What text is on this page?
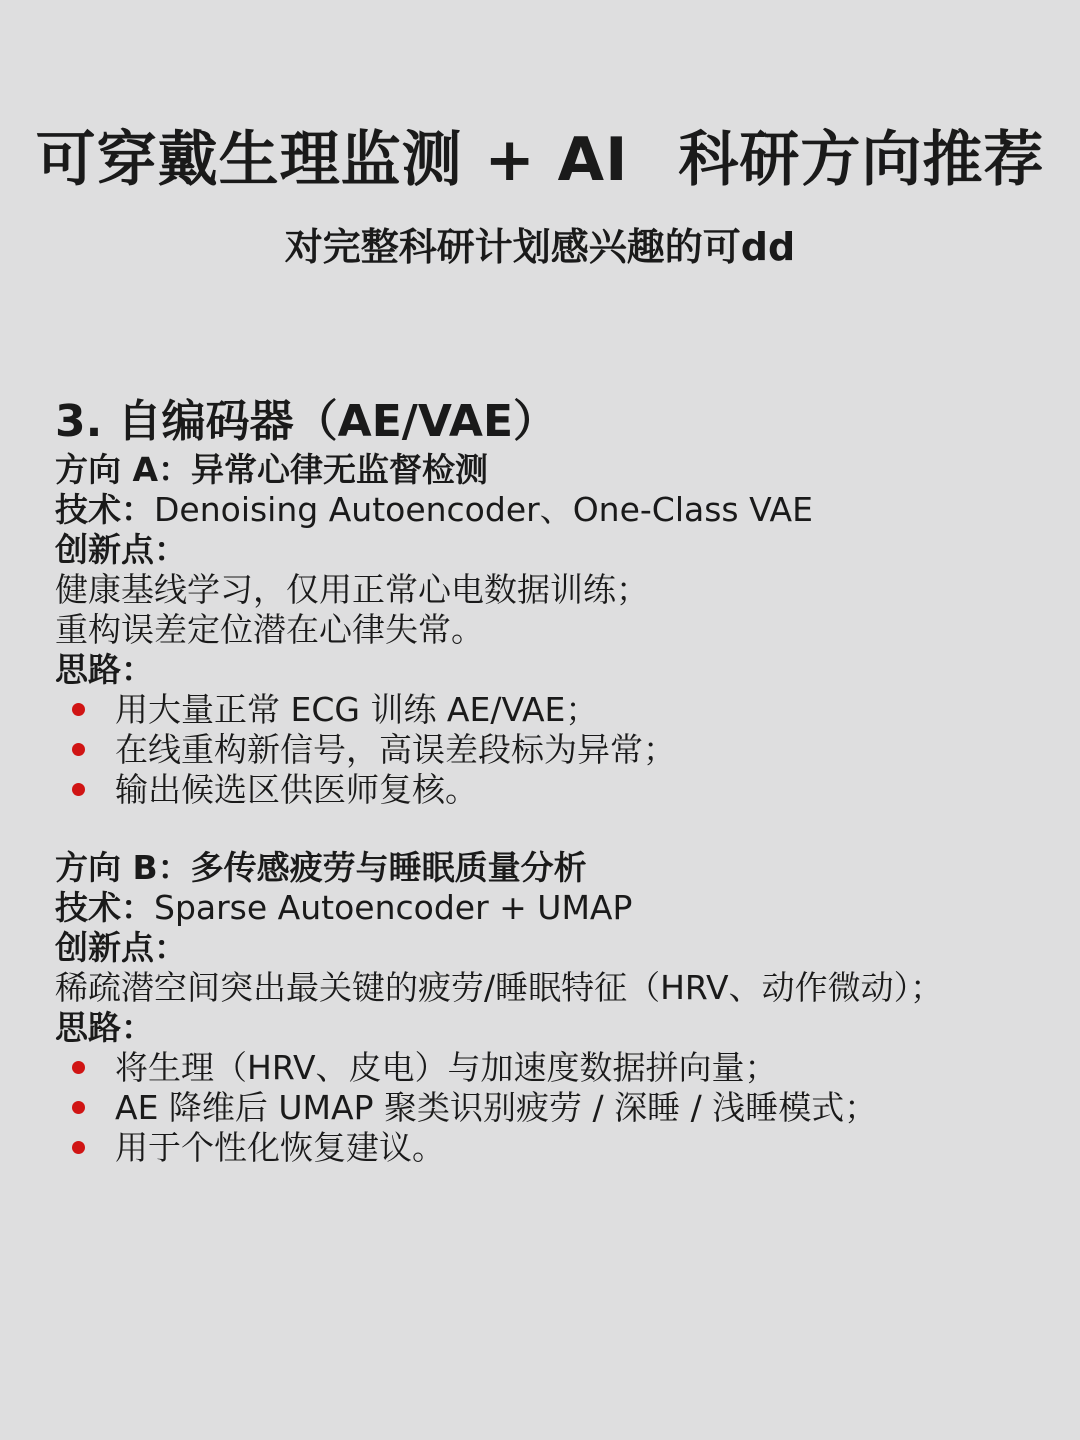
可穿戴生理监测 + AI 科研方向推荐
对完整科研计划感兴趣的可dd
3. 自编码器（AE/VAE）
方向 A：异常心律无监督检测
技术：Denoising Autoencoder、One-Class VAE
创新点：
健康基线学习，仅用正常心电数据训练；
重构误差定位潜在心律失常。
思路：
用大量正常 ECG 训练 AE/VAE；
在线重构新信号，高误差段标为异常；
输出候选区供医师复核。
方向 B：多传感疲劳与睡眠质量分析
技术：Sparse Autoencoder + UMAP
创新点：
稀疏潜空间突出最关键的疲劳/睡眠特征（HRV、动作微动）；
思路：
将生理（HRV、皮电）与加速度数据拼向量；
AE 降维后 UMAP 聚类识别疲劳 / 深睡 / 浅睡模式；
用于个性化恢复建议。
